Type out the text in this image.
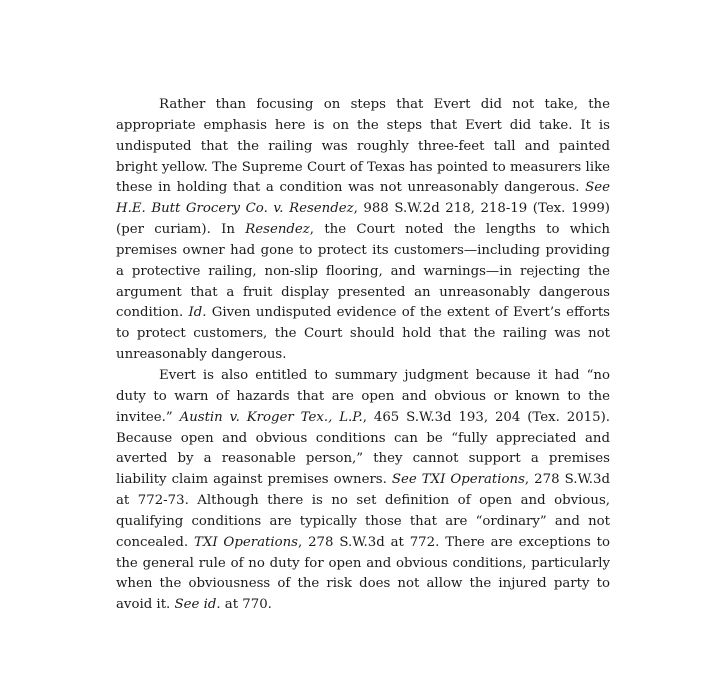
Rather than focusing on steps that Evert did not take, the appropriate emphasis here is on the steps that Evert did take. It is undisputed that the railing was roughly three-feet tall and painted bright yellow. The Supreme Court of Texas has pointed to measurers like these in holding that a condition was not unreasonably dangerous. See H.E. Butt Grocery Co. v. Resendez, 988 S.W.2d 218, 218-19 (Tex. 1999) (per curiam). In Resendez, the Court noted the lengths to which premises owner had gone to protect its customers—including providing a protective railing, non-slip flooring, and warnings—in rejecting the argument that a fruit display presented an unreasonably dangerous condition. Id. Given undisputed evidence of the extent of Evert’s efforts to protect customers, the Court should hold that the railing was not unreasonably dangerous.

Evert is also entitled to summary judgment because it had “no duty to warn of hazards that are open and obvious or known to the invitee.” Austin v. Kroger Tex., L.P., 465 S.W.3d 193, 204 (Tex. 2015). Because open and obvious conditions can be “fully appreciated and averted by a reasonable person,” they cannot support a premises liability claim against premises owners. See TXI Operations, 278 S.W.3d at 772-73. Although there is no set definition of open and obvious, qualifying conditions are typically those that are “ordinary” and not concealed. TXI Operations, 278 S.W.3d at 772. There are exceptions to the general rule of no duty for open and obvious conditions, particularly when the obviousness of the risk does not allow the injured party to avoid it. See id. at 770.
